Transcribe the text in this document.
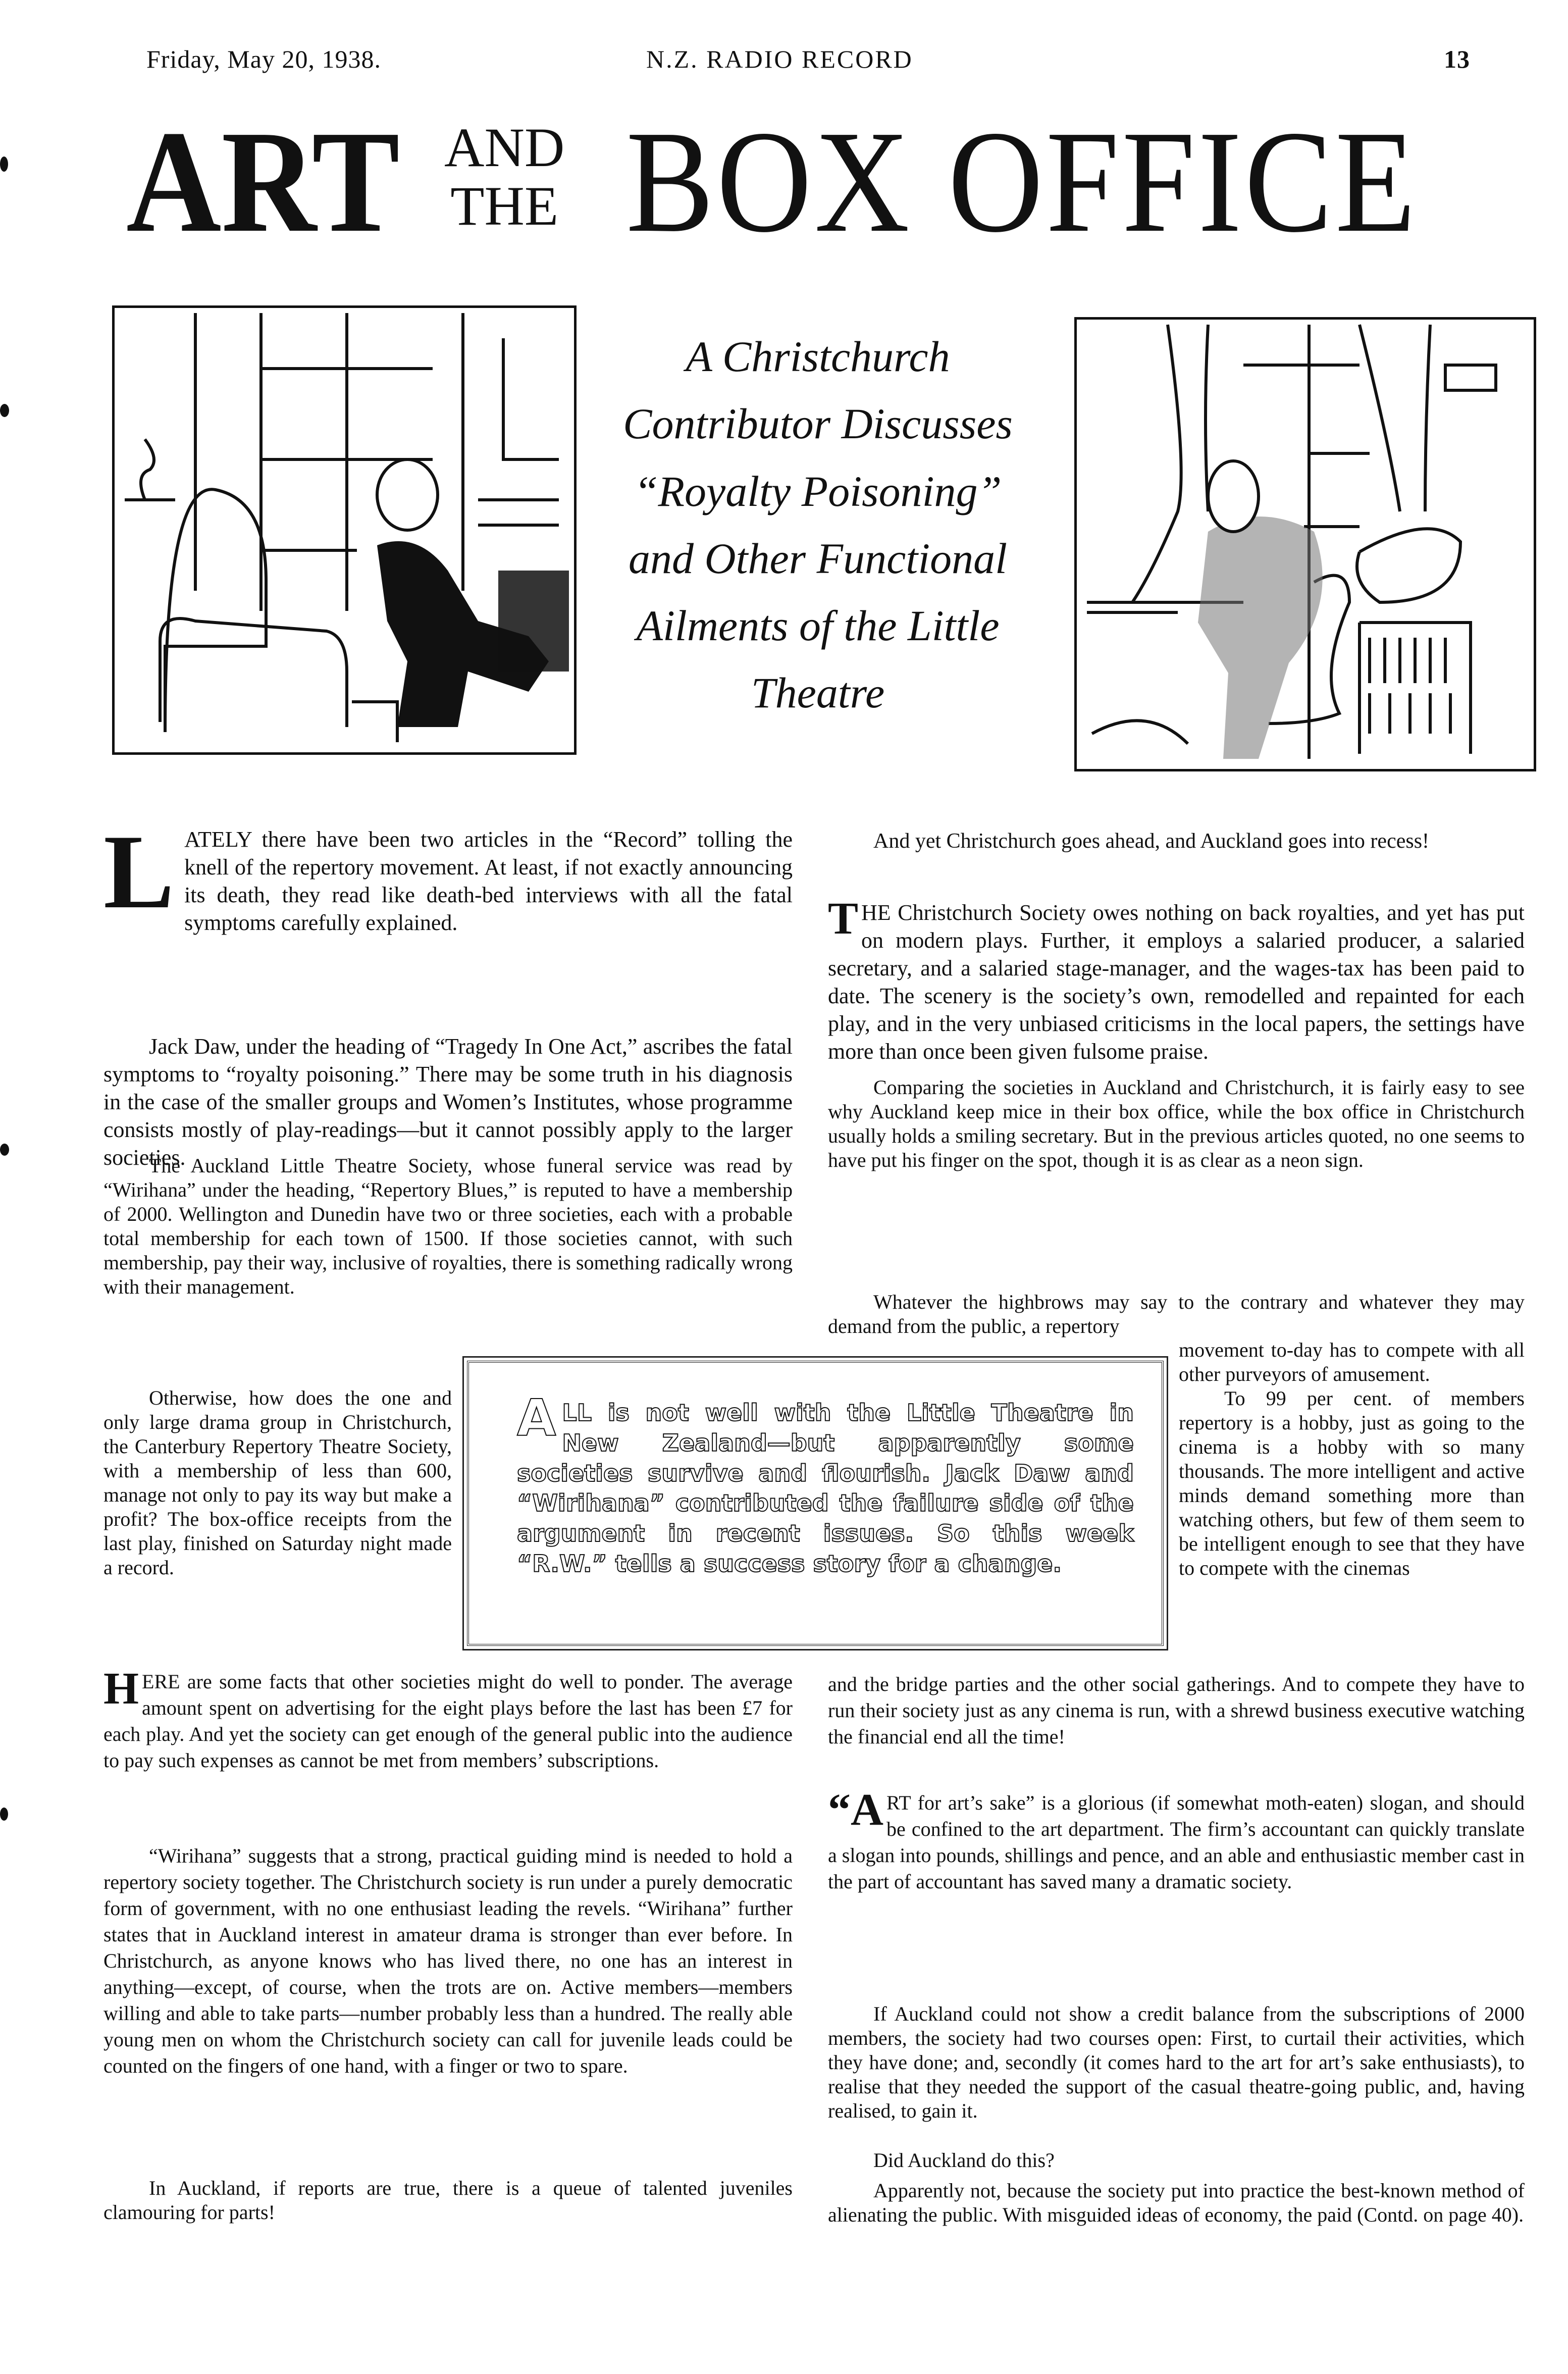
Friday, May 20, 1938.	N.Z. RADIO RECORD	13
ART AND
THE BOX OFFICE
A Christchurch
Contributor Discusses
“Royalty Poisoning”
and Other Functional
Ailments of the Little
Theatre
L ATELY there have been two articles in the “Record” tolling the knell of the repertory movement. At least, if not exactly announcing its death, they read like death-bed interviews with all the fatal symptoms carefully explained.

Jack Daw, under the heading of “Tragedy In One Act,” ascribes the fatal symptoms to “royalty poisoning.” There may be some truth in his diagnosis in the case of the smaller groups and Women’s Institutes, whose programme consists mostly of play-readings—but it cannot possibly apply to the larger societies.

The Auckland Little Theatre Society, whose funeral service was read by “Wirihana” under the heading, “Repertory Blues,” is reputed to have a membership of 2000. Wellington and Dunedin have two or three societies, each with a probable total membership for each town of 1500. If those societies cannot, with such membership, pay their way, inclusive of royalties, there is something radically wrong with their management.

Otherwise, how does the one and only large drama group in Christchurch, the Canterbury Repertory Theatre Society, with a membership of less than 600, manage not only to pay its way but make a profit? The box-office receipts from the last play, finished on Saturday night made a record.

H ERE are some facts that other societies might do well to ponder. The average amount spent on advertising for the eight plays before the last has been £7 for each play. And yet the society can get enough of the general public into the audience to pay such expenses as cannot be met from members’ subscriptions.

“Wirihana” suggests that a strong, practical guiding mind is needed to hold a repertory society together. The Christchurch society is run under a purely democratic form of government, with no one enthusiast leading the revels. “Wirihana” further states that in Auckland interest in amateur drama is stronger than ever before. In Christchurch, as anyone knows who has lived there, no one has an interest in anything—except, of course, when the trots are on. Active members—members willing and able to take parts—number probably less than a hundred. The really able young men on whom the Christchurch society can call for juvenile leads could be counted on the fingers of one hand, with a finger or two to spare.

In Auckland, if reports are true, there is a queue of talented juveniles clamouring for parts!

A LL is not well with the Little Theatre in New Zealand—but apparently some societies survive and flourish. Jack Daw and “Wirihana” contributed the failure side of the argument in recent issues. So this week “R.W.” tells a success story for a change.

And yet Christchurch goes ahead, and Auckland goes into recess!

T HE Christchurch Society owes nothing on back royalties, and yet has put on modern plays. Further, it employs a salaried producer, a salaried secretary, and a salaried stage-manager, and the wages-tax has been paid to date. The scenery is the society’s own, remodelled and repainted for each play, and in the very unbiased criticisms in the local papers, the settings have more than once been given fulsome praise.

Comparing the societies in Auckland and Christchurch, it is fairly easy to see why Auckland keep mice in their box office, while the box office in Christchurch usually holds a smiling secretary. But in the previous articles quoted, no one seems to have put his finger on the spot, though it is as clear as a neon sign.

Whatever the highbrows may say to the contrary and whatever they may demand from the public, a repertory

movement to-day has to compete with all other purveyors of amusement.

To 99 per cent. of members repertory is a hobby, just as going to the cinema is a hobby with so many thousands. The more intelligent and active minds demand something more than watching others, but few of them seem to be intelligent enough to see that they have to compete with the cinemas

and the bridge parties and the other social gatherings. And to compete they have to run their society just as any cinema is run, with a shrewd business executive watching the financial end all the time!

“A RT for art’s sake” is a glorious (if somewhat moth-eaten) slogan, and should be confined to the art department. The firm’s accountant can quickly translate a slogan into pounds, shillings and pence, and an able and enthusiastic member cast in the part of accountant has saved many a dramatic society.

If Auckland could not show a credit balance from the subscriptions of 2000 members, the society had two courses open: First, to curtail their activities, which they have done; and, secondly (it comes hard to the art for art’s sake enthusiasts), to realise that they needed the support of the casual theatre-going public, and, having realised, to gain it.

Did Auckland do this?

Apparently not, because the society put into practice the best-known method of alienating the public. With misguided ideas of economy, the paid (Contd. on page 40).
